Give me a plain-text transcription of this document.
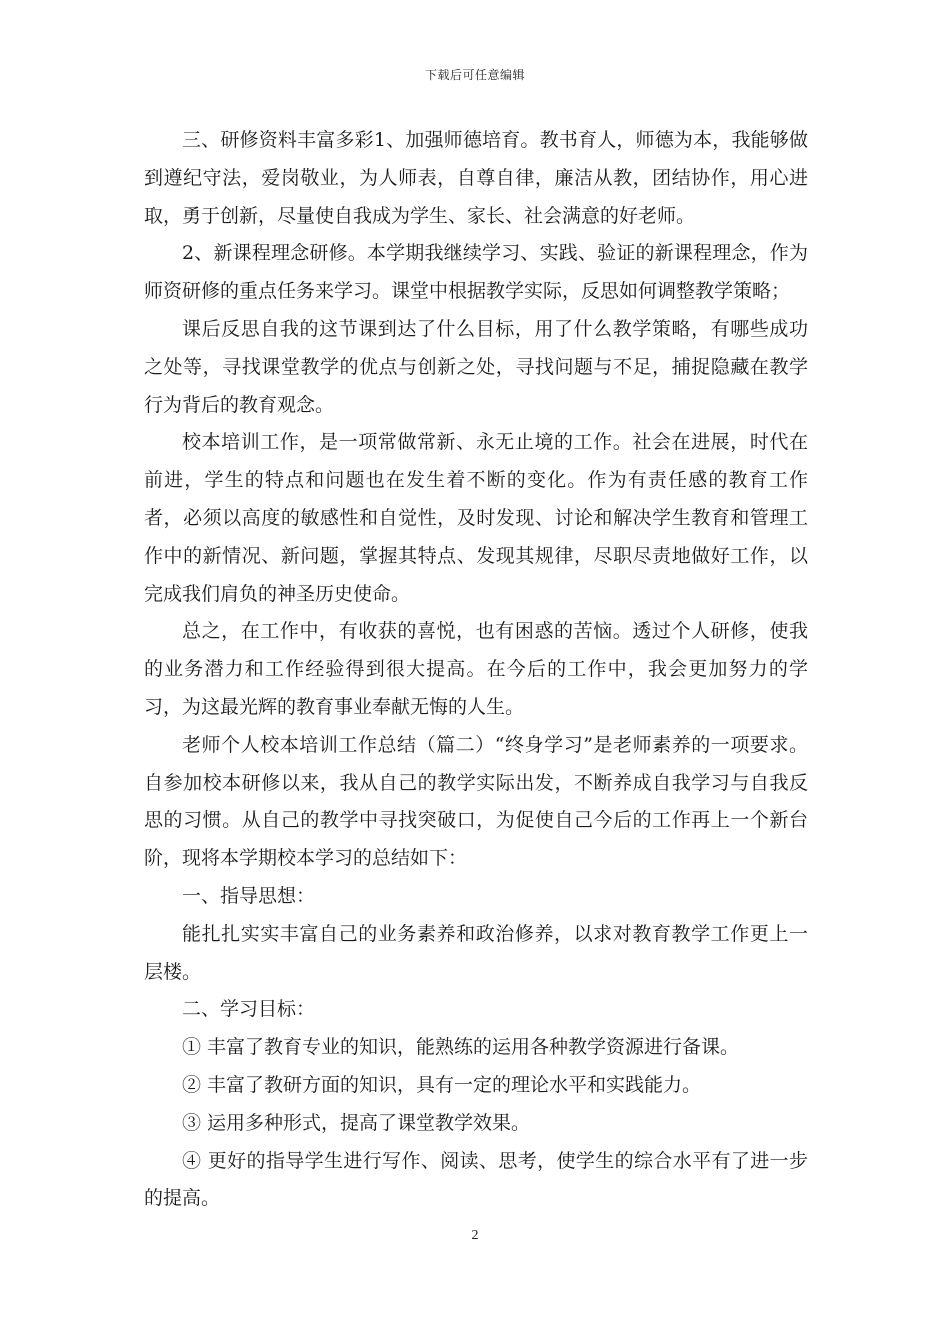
下载后可任意编辑

三、研修资料丰富多彩1、加强师德培育。教书育人，师德为本，我能够做到遵纪守法，爱岗敬业，为人师表，自尊自律，廉洁从教，团结协作，用心进取，勇于创新，尽量使自我成为学生、家长、社会满意的好老师。

2、新课程理念研修。本学期我继续学习、实践、验证的新课程理念，作为师资研修的重点任务来学习。课堂中根据教学实际，反思如何调整教学策略；

课后反思自我的这节课到达了什么目标，用了什么教学策略，有哪些成功之处等，寻找课堂教学的优点与创新之处，寻找问题与不足，捕捉隐藏在教学行为背后的教育观念。

校本培训工作，是一项常做常新、永无止境的工作。社会在进展，时代在前进，学生的特点和问题也在发生着不断的变化。作为有责任感的教育工作者，必须以高度的敏感性和自觉性，及时发现、讨论和解决学生教育和管理工作中的新情况、新问题，掌握其特点、发现其规律，尽职尽责地做好工作，以完成我们肩负的神圣历史使命。

总之，在工作中，有收获的喜悦，也有困惑的苦恼。透过个人研修，使我的业务潜力和工作经验得到很大提高。在今后的工作中，我会更加努力的学习，为这最光辉的教育事业奉献无悔的人生。

老师个人校本培训工作总结（篇二）“终身学习”是老师素养的一项要求。自参加校本研修以来，我从自己的教学实际出发，不断养成自我学习与自我反思的习惯。从自己的教学中寻找突破口，为促使自己今后的工作再上一个新台阶，现将本学期校本学习的总结如下：

一、指导思想：

能扎扎实实丰富自己的业务素养和政治修养，以求对教育教学工作更上一层楼。

二、学习目标：

① 丰富了教育专业的知识，能熟练的运用各种教学资源进行备课。

② 丰富了教研方面的知识，具有一定的理论水平和实践能力。

③ 运用多种形式，提高了课堂教学效果。

④ 更好的指导学生进行写作、阅读、思考，使学生的综合水平有了进一步的提高。

2
